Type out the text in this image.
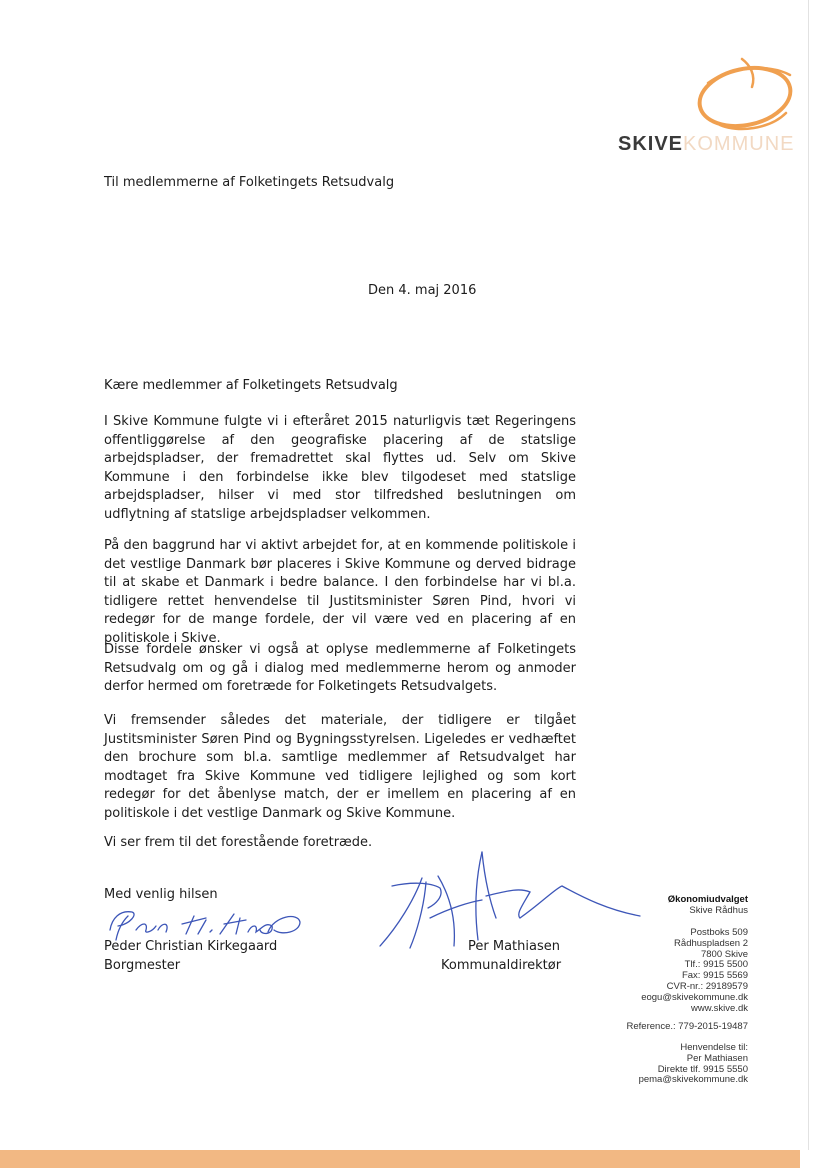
SKIVEKOMMUNE
Til medlemmerne af Folketingets Retsudvalg
Den 4. maj 2016
Kære medlemmer af Folketingets Retsudvalg

I Skive Kommune fulgte vi i efteråret 2015 naturligvis tæt Regeringens offentliggørelse af den geografiske placering af de statslige arbejdspladser, der fremadrettet skal flyttes ud. Selv om Skive Kommune i den forbindelse ikke blev tilgodeset med statslige arbejdspladser, hilser vi med stor tilfredshed beslutningen om udflytning af statslige arbejdspladser velkommen.

På den baggrund har vi aktivt arbejdet for, at en kommende politiskole i det vestlige Danmark bør placeres i Skive Kommune og derved bidrage til at skabe et Danmark i bedre balance. I den forbindelse har vi bl.a. tidligere rettet henvendelse til Justitsminister Søren Pind, hvori vi redegør for de mange fordele, der vil være ved en placering af en politiskole i Skive.

Disse fordele ønsker vi også at oplyse medlemmerne af Folketingets Retsudvalg om og gå i dialog med medlemmerne herom og anmoder derfor hermed om foretræde for Folketingets Retsudvalgets.

Vi fremsender således det materiale, der tidligere er tilgået Justitsminister Søren Pind og Bygningsstyrelsen. Ligeledes er vedhæftet den brochure som bl.a. samtlige medlemmer af Retsudvalget har modtaget fra Skive Kommune ved tidligere lejlighed og som kort redegør for det åbenlyse match, der er imellem en placering af en politiskole i det vestlige Danmark og Skive Kommune.

Vi ser frem til det forestående foretræde.
Med venlig hilsen
Peder Christian Kirkegaard
Borgmester
Per Mathiasen
Kommunaldirektør
Økonomiudvalget
Skive Rådhus
Postboks 509
Rådhuspladsen 2
7800 Skive
Tlf.: 9915 5500
Fax: 9915 5569
CVR-nr.: 29189579
eogu@skivekommune.dk
www.skive.dk
Reference.: 779-2015-19487
Henvendelse til:
Per Mathiasen
Direkte tlf. 9915 5550
pema@skivekommune.dk
